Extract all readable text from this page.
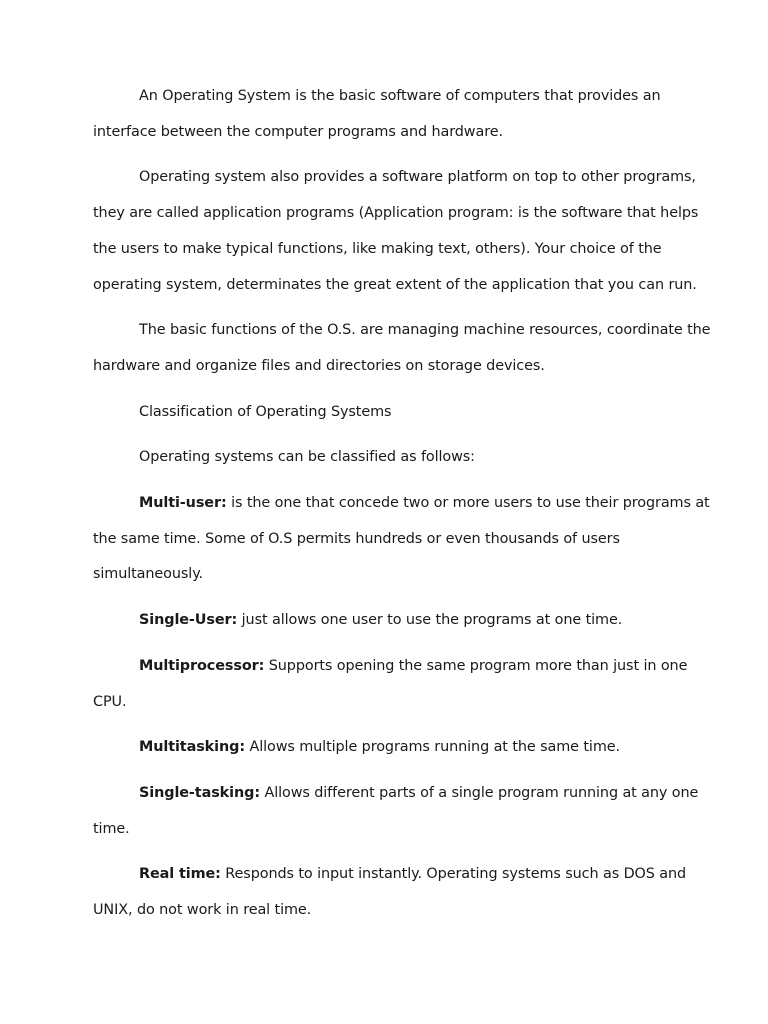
An Operating System is the basic software of computers that provides an
interface between the computer programs and hardware.

Operating system also provides a software platform on top to other programs,
they are called application programs (Application program: is the software that helps
the users to make typical functions, like making text, others). Your choice of the
operating system, determinates the great extent of the application that you can run.

The basic functions of the O.S. are managing machine resources, coordinate the
hardware and organize files and directories on storage devices.

Classification of Operating Systems

Operating systems can be classified as follows:

Multi-user: is the one that concede two or more users to use their programs at
the same time. Some of O.S permits hundreds or even thousands of users
simultaneously.

Single-User: just allows one user to use the programs at one time.

Multiprocessor: Supports opening the same program more than just in one
CPU.

Multitasking: Allows multiple programs running at the same time.

Single-tasking: Allows different parts of a single program running at any one
time.

Real time: Responds to input instantly. Operating systems such as DOS and
UNIX, do not work in real time.
